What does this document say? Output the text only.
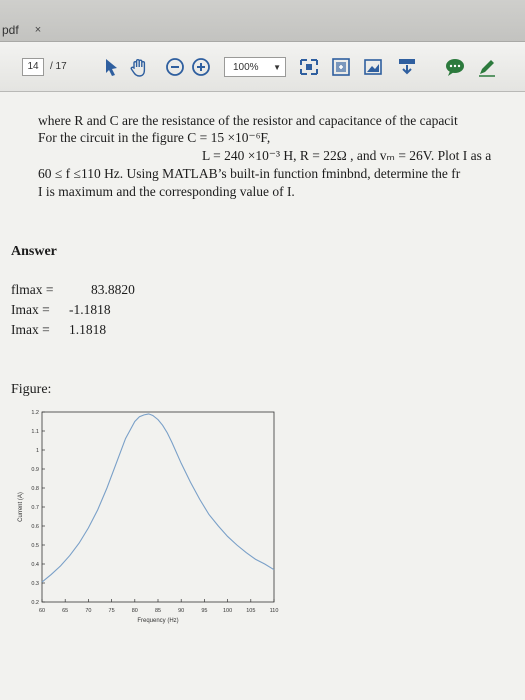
pdf ×
14	/ 17	100% ▼
where R and C are the resistance of the resistor and capacitance of the capacit
For the circuit in the figure C = 15 ×10⁻⁶F,
L = 240 ×10⁻³ H, R = 22Ω , and vₘ = 26V. Plot I as a
60 ≤ f ≤110 Hz. Using MATLAB’s built-in function fminbnd, determine the fr
I is maximum and the corresponding value of I.
Answer
flmax =	83.8820
Imax = -1.1818
Imax = 1.1818
Figure:
60	65	70	75	80	85	90	95	100	105	110
0.2
0.3
0.4
0.5
0.6
0.7
0.8
0.9
1
1.1
1.2
Frequency (Hz)
Current (A)
